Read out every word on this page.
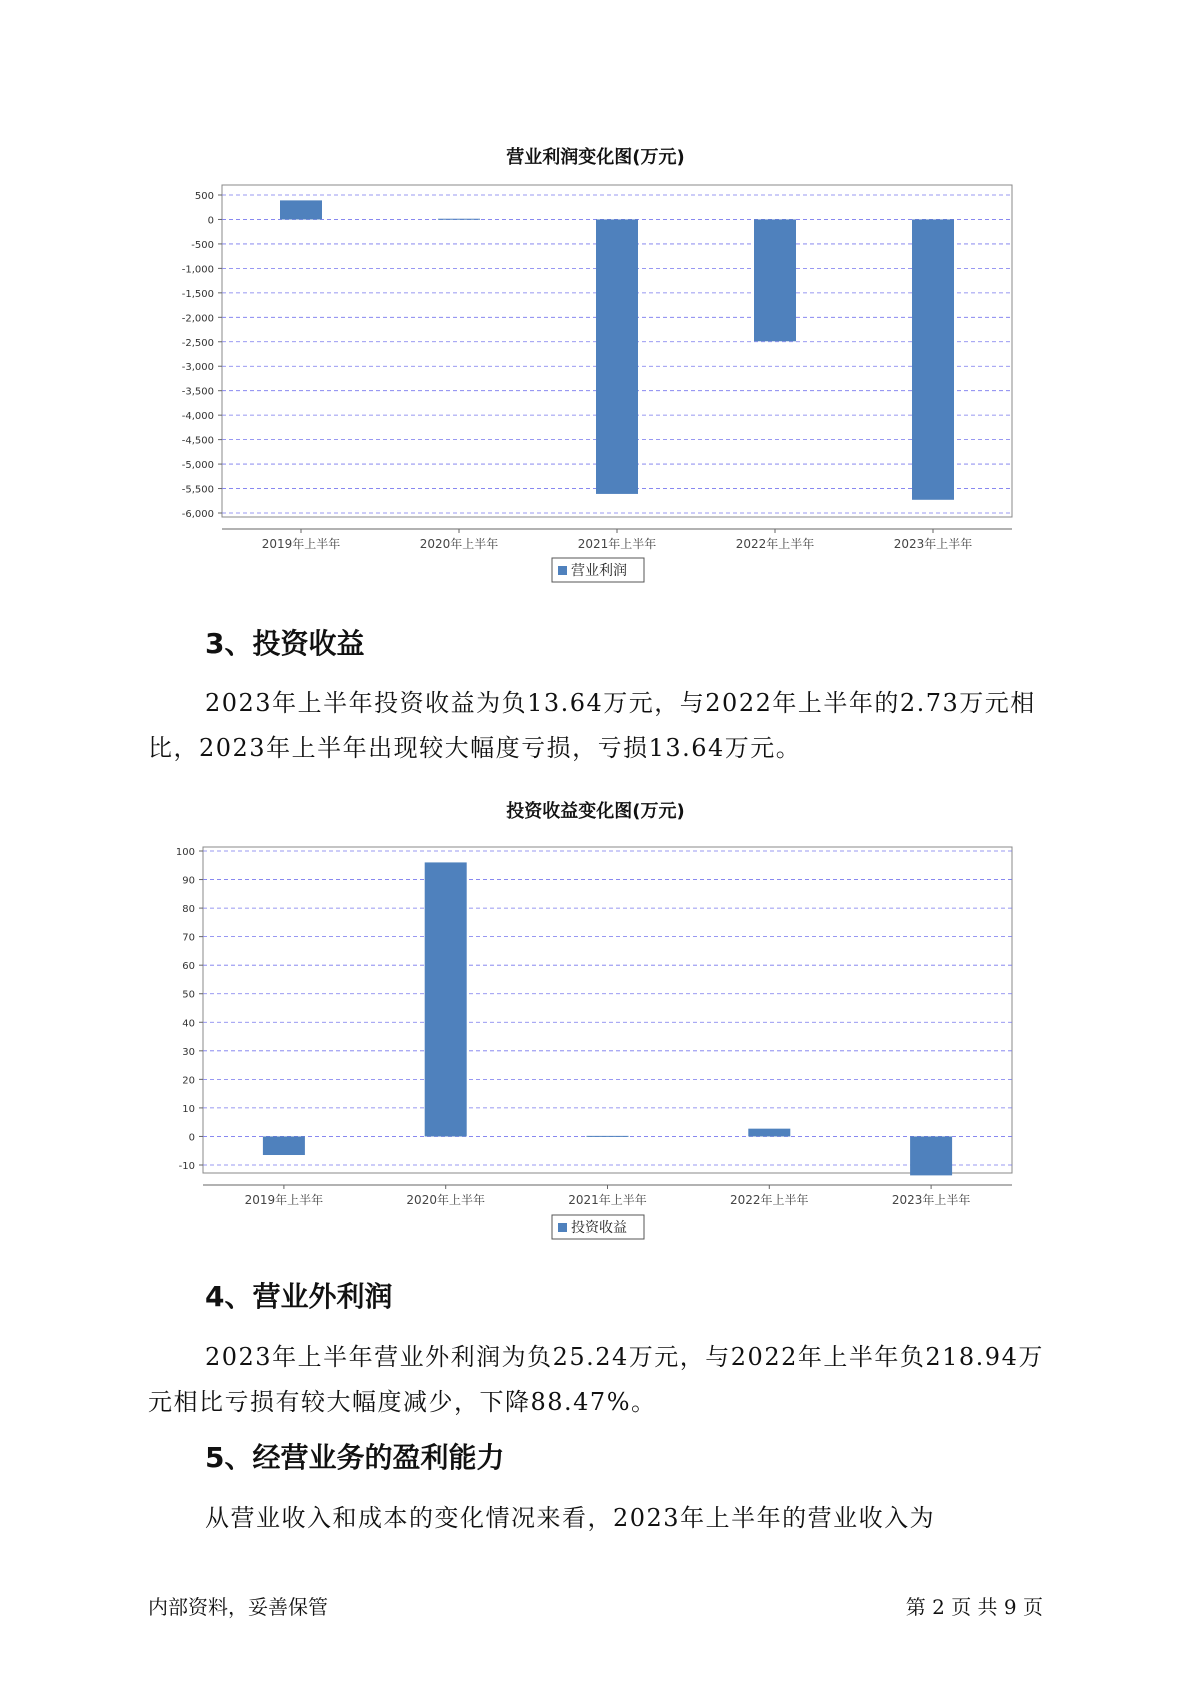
营业利润变化图(万元)
500
0
-500
-1,000
-1,500
-2,000
-2,500
-3,000
-3,500
-4,000
-4,500
-5,000
-5,500
-6,000
2019年上半年	2020年上半年	2021年上半年	2022年上半年	2023年上半年
营业利润
3、投资收益
2023年上半年投资收益为负13.64万元，与2022年上半年的2.73万元相
比，2023年上半年出现较大幅度亏损，亏损13.64万元。
投资收益变化图(万元)
100
90
80
70
60
50
40
30
20
10
0
-10
2019年上半年	2020年上半年	2021年上半年	2022年上半年	2023年上半年
投资收益
4、营业外利润
2023年上半年营业外利润为负25.24万元，与2022年上半年负218.94万
元相比亏损有较大幅度减少，下降88.47%。
5、经营业务的盈利能力
从营业收入和成本的变化情况来看，2023年上半年的营业收入为
内部资料，妥善保管	第 2 页 共 9 页
